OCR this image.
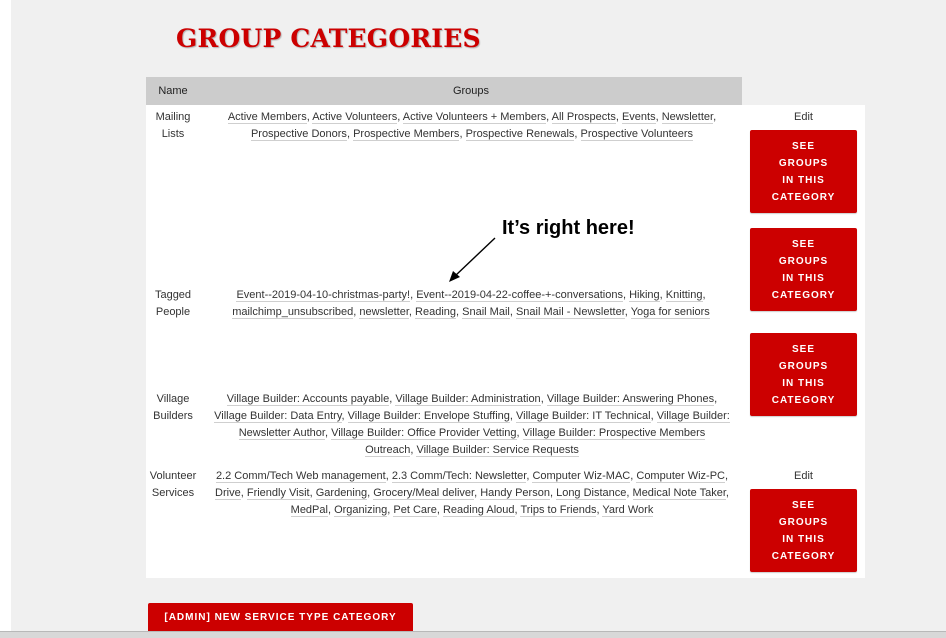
GROUP CATEGORIES
Name	Groups
Mailing
Lists
Active Members, Active Volunteers, Active Volunteers + Members, All Prospects, Events, Newsletter, Prospective Donors, Prospective Members, Prospective Renewals, Prospective Volunteers
Edit
SEE
GROUPS
IN THIS
CATEGORY
Tagged
People
Event--2019-04-10-christmas-party!, Event--2019-04-22-coffee-+-conversations, Hiking, Knitting, mailchimp_unsubscribed, newsletter, Reading, Snail Mail, Snail Mail - Newsletter, Yoga for seniors
SEE
GROUPS
IN THIS
CATEGORY
Village
Builders
Village Builder: Accounts payable, Village Builder: Administration, Village Builder: Answering Phones, Village Builder: Data Entry, Village Builder: Envelope Stuffing, Village Builder: IT Technical, Village Builder: Newsletter Author, Village Builder: Office Provider Vetting, Village Builder: Prospective Members Outreach, Village Builder: Service Requests
SEE
GROUPS
IN THIS
CATEGORY
Volunteer
Services
2.2 Comm/Tech Web management, 2.3 Comm/Tech: Newsletter, Computer Wiz-MAC, Computer Wiz-PC, Drive, Friendly Visit, Gardening, Grocery/Meal deliver, Handy Person, Long Distance, Medical Note Taker, MedPal, Organizing, Pet Care, Reading Aloud, Trips to Friends, Yard Work
Edit
SEE
GROUPS
IN THIS
CATEGORY
It’s right here!
[ADMIN] NEW SERVICE TYPE CATEGORY
